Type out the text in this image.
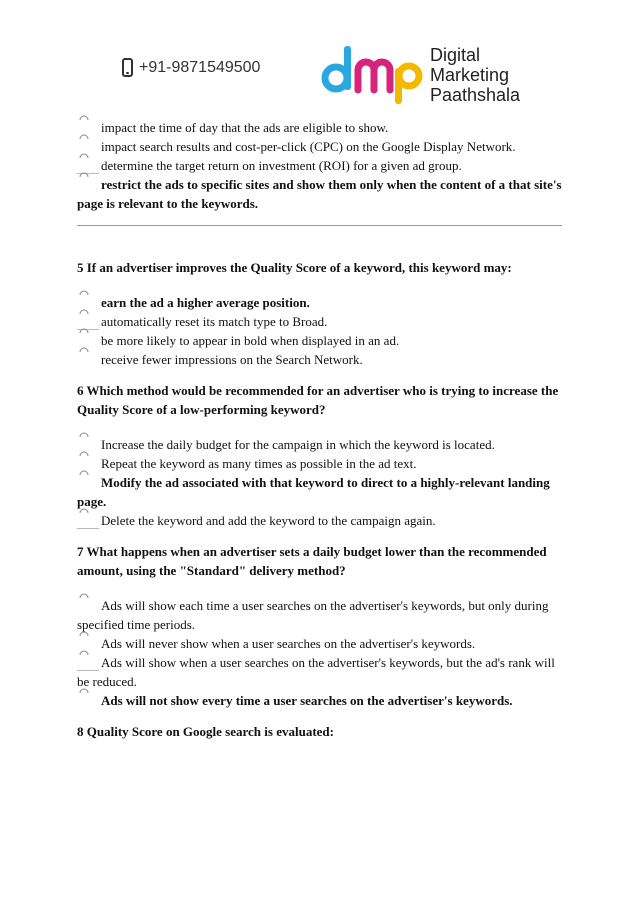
+91-9871549500
Digital
Marketing
Paathshala

impact the time of day that the ads are eligible to show.

impact search results and cost-per-click (CPC) on the Google Display Network.

determine the target return on investment (ROI) for a given ad group.

restrict the ads to specific sites and show them only when the content of a that site's page is relevant to the keywords.

5 If an advertiser improves the Quality Score of a keyword, this keyword may:

earn the ad a higher average position.

automatically reset its match type to Broad.

be more likely to appear in bold when displayed in an ad.

receive fewer impressions on the Search Network.

6 Which method would be recommended for an advertiser who is trying to increase the Quality Score of a low-performing keyword?

Increase the daily budget for the campaign in which the keyword is located.

Repeat the keyword as many times as possible in the ad text.

Modify the ad associated with that keyword to direct to a highly-relevant landing page.

Delete the keyword and add the keyword to the campaign again.

7 What happens when an advertiser sets a daily budget lower than the recommended amount, using the "Standard" delivery method?

Ads will show each time a user searches on the advertiser's keywords, but only during specified time periods.

Ads will never show when a user searches on the advertiser's keywords.

Ads will show when a user searches on the advertiser's keywords, but the ad's rank will be reduced.

Ads will not show every time a user searches on the advertiser's keywords.

8 Quality Score on Google search is evaluated:
